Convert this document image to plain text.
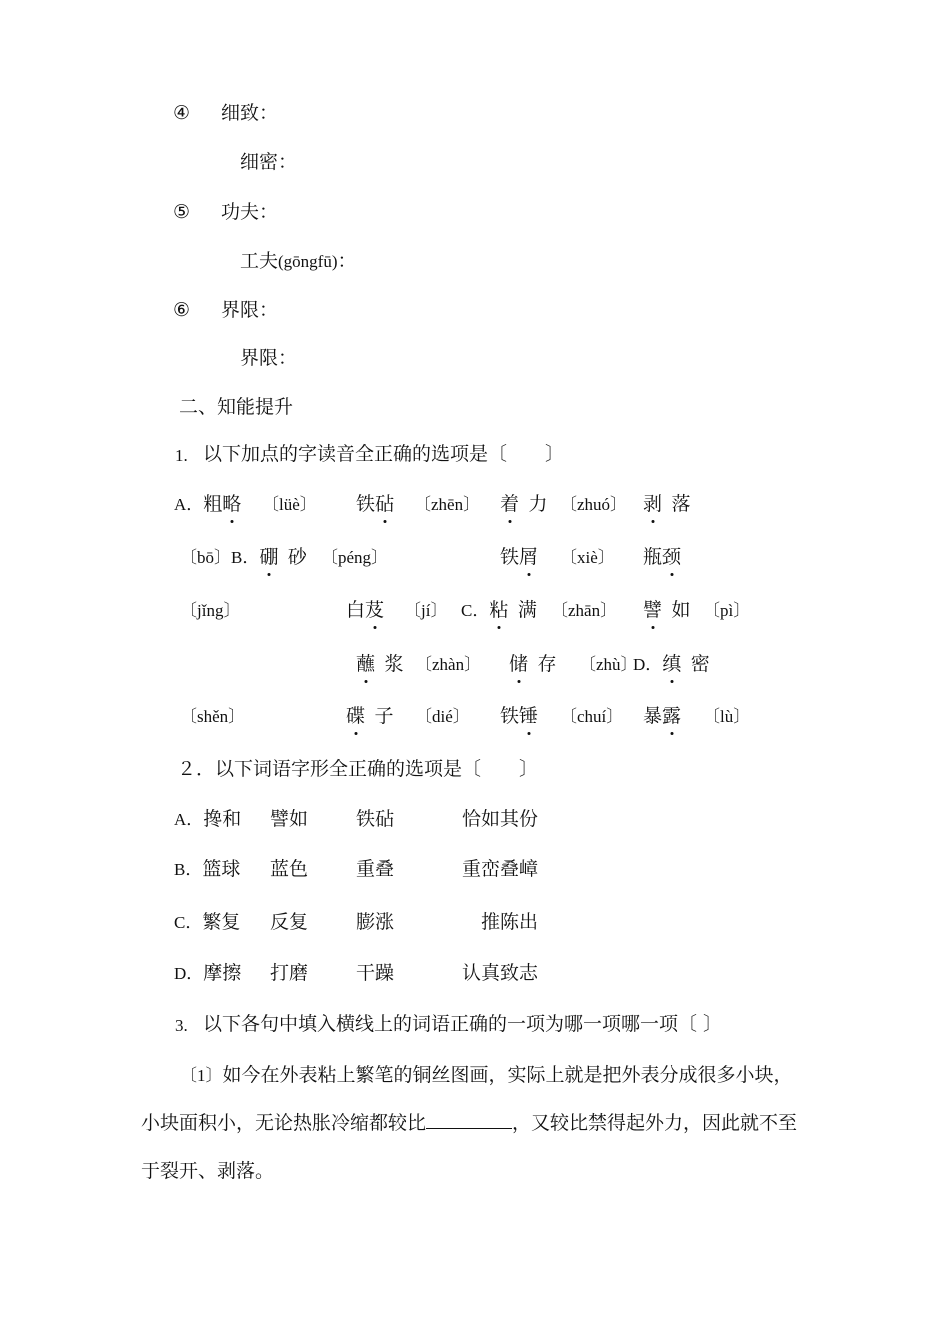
④ 细致：
细密：
⑤ 功夫：
工夫(gōngfū)：
⑥ 界限：
界限：
二、知能提升
1. 以下加点的字读音全正确的选项是〔　　〕
A．粗略 〔lüè〕 铁砧 〔zhēn〕 着  力 〔zhuó〕 剥  落
〔bō〕 B．硼  砂 〔péng〕	铁屑 〔xiè〕 瓶颈
〔jǐng〕	白芨 〔jí〕 C．粘  满 〔zhān〕 譬  如 〔pì〕
蘸  浆 〔zhàn〕 储  存 〔zhù〕
D．缜  密
〔shěn〕	碟  子 〔dié〕 铁锤 〔chuí〕 暴露 〔lù〕
２．以下词语字形全正确的选项是〔　　〕
A．搀和 譬如	铁砧	恰如其份
B．篮球 蓝色	重叠	重峦叠嶂
C．繁复 反复	膨涨	推陈出
D．摩擦 打磨	干躁	认真致志
3. 以下各句中填入横线上的词语正确的一项为哪一项哪一项〔 〕
〔1〕如今在外表粘上繁笔的铜丝图画，实际上就是把外表分成很多小块，
小块面积小，无论热胀冷缩都较比	，又较比禁得起外力，因此就不至
于裂开、剥落。
